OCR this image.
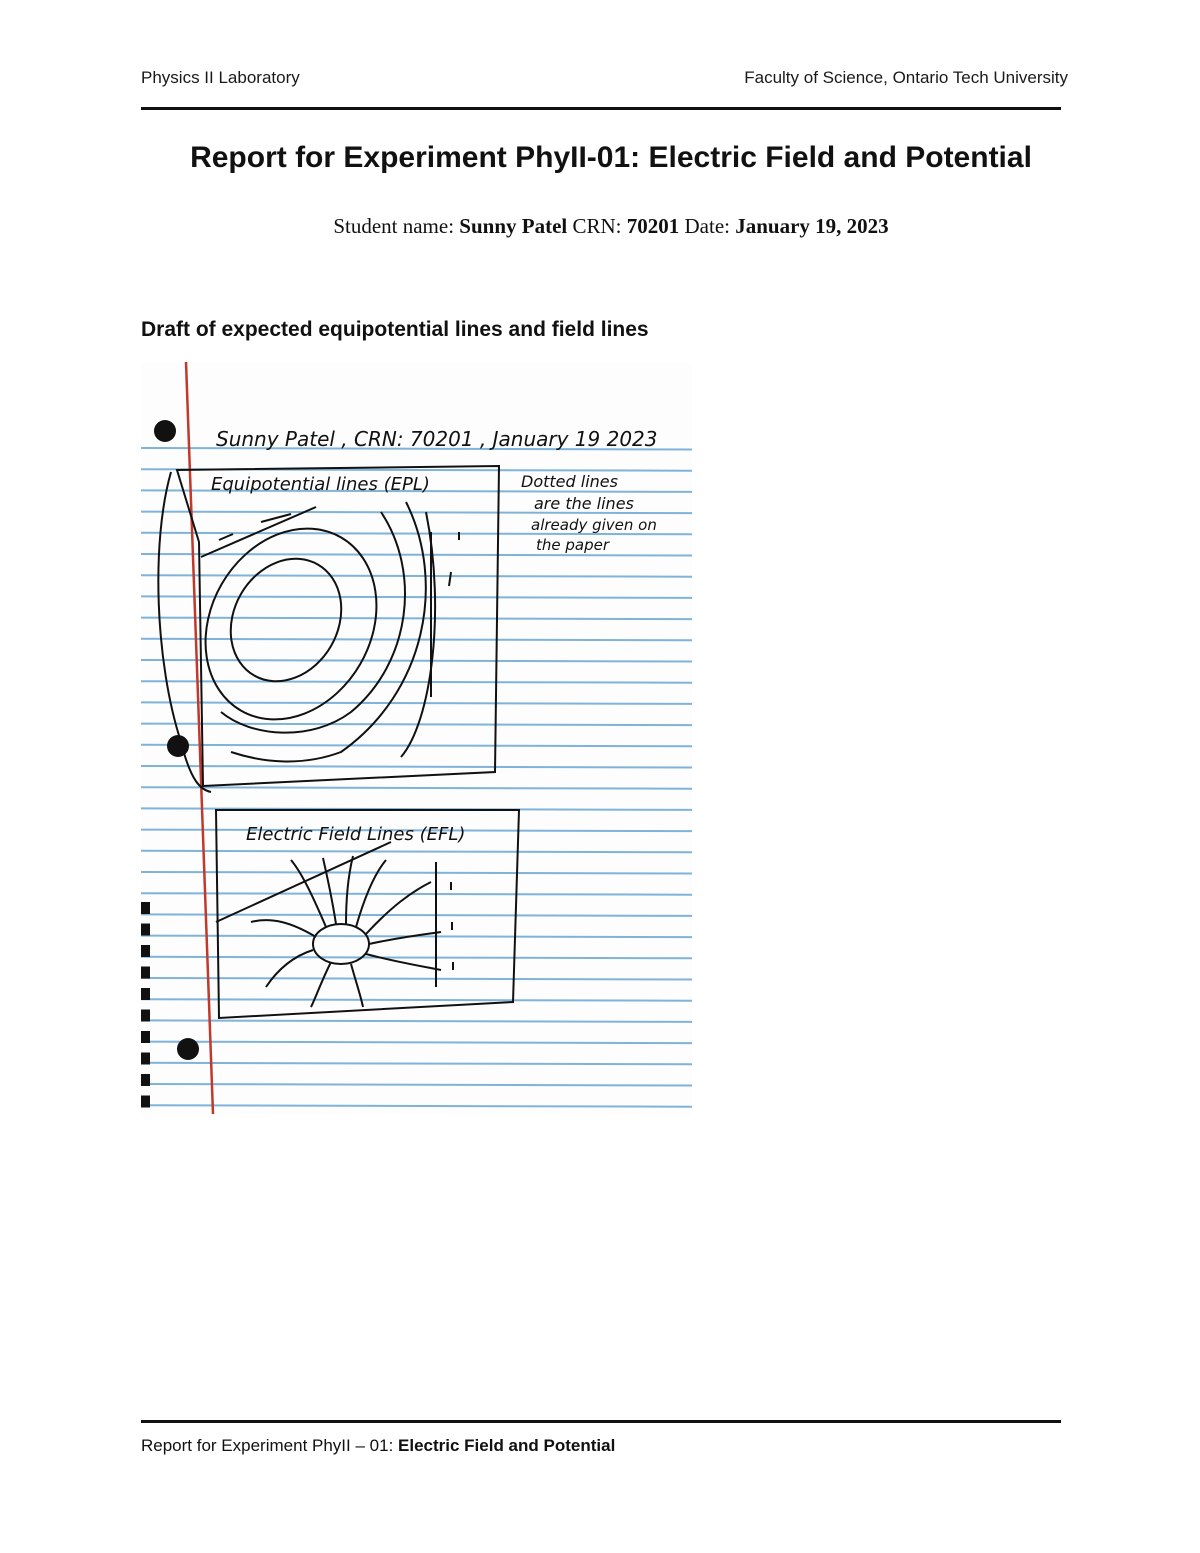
Physics II Laboratory	Faculty of Science, Ontario Tech University
Report for Experiment PhyII-01: Electric Field and Potential
Student name: Sunny Patel CRN: 70201 Date: January 19, 2023
Draft of expected equipotential lines and field lines
Sunny Patel , CRN: 70201 , January 19 2023
Equipotential lines (EPL)	Dotted lines
are the lines
already given on
the paper
Electric Field Lines (EFL)
Report for Experiment PhyII – 01: Electric Field and Potential
